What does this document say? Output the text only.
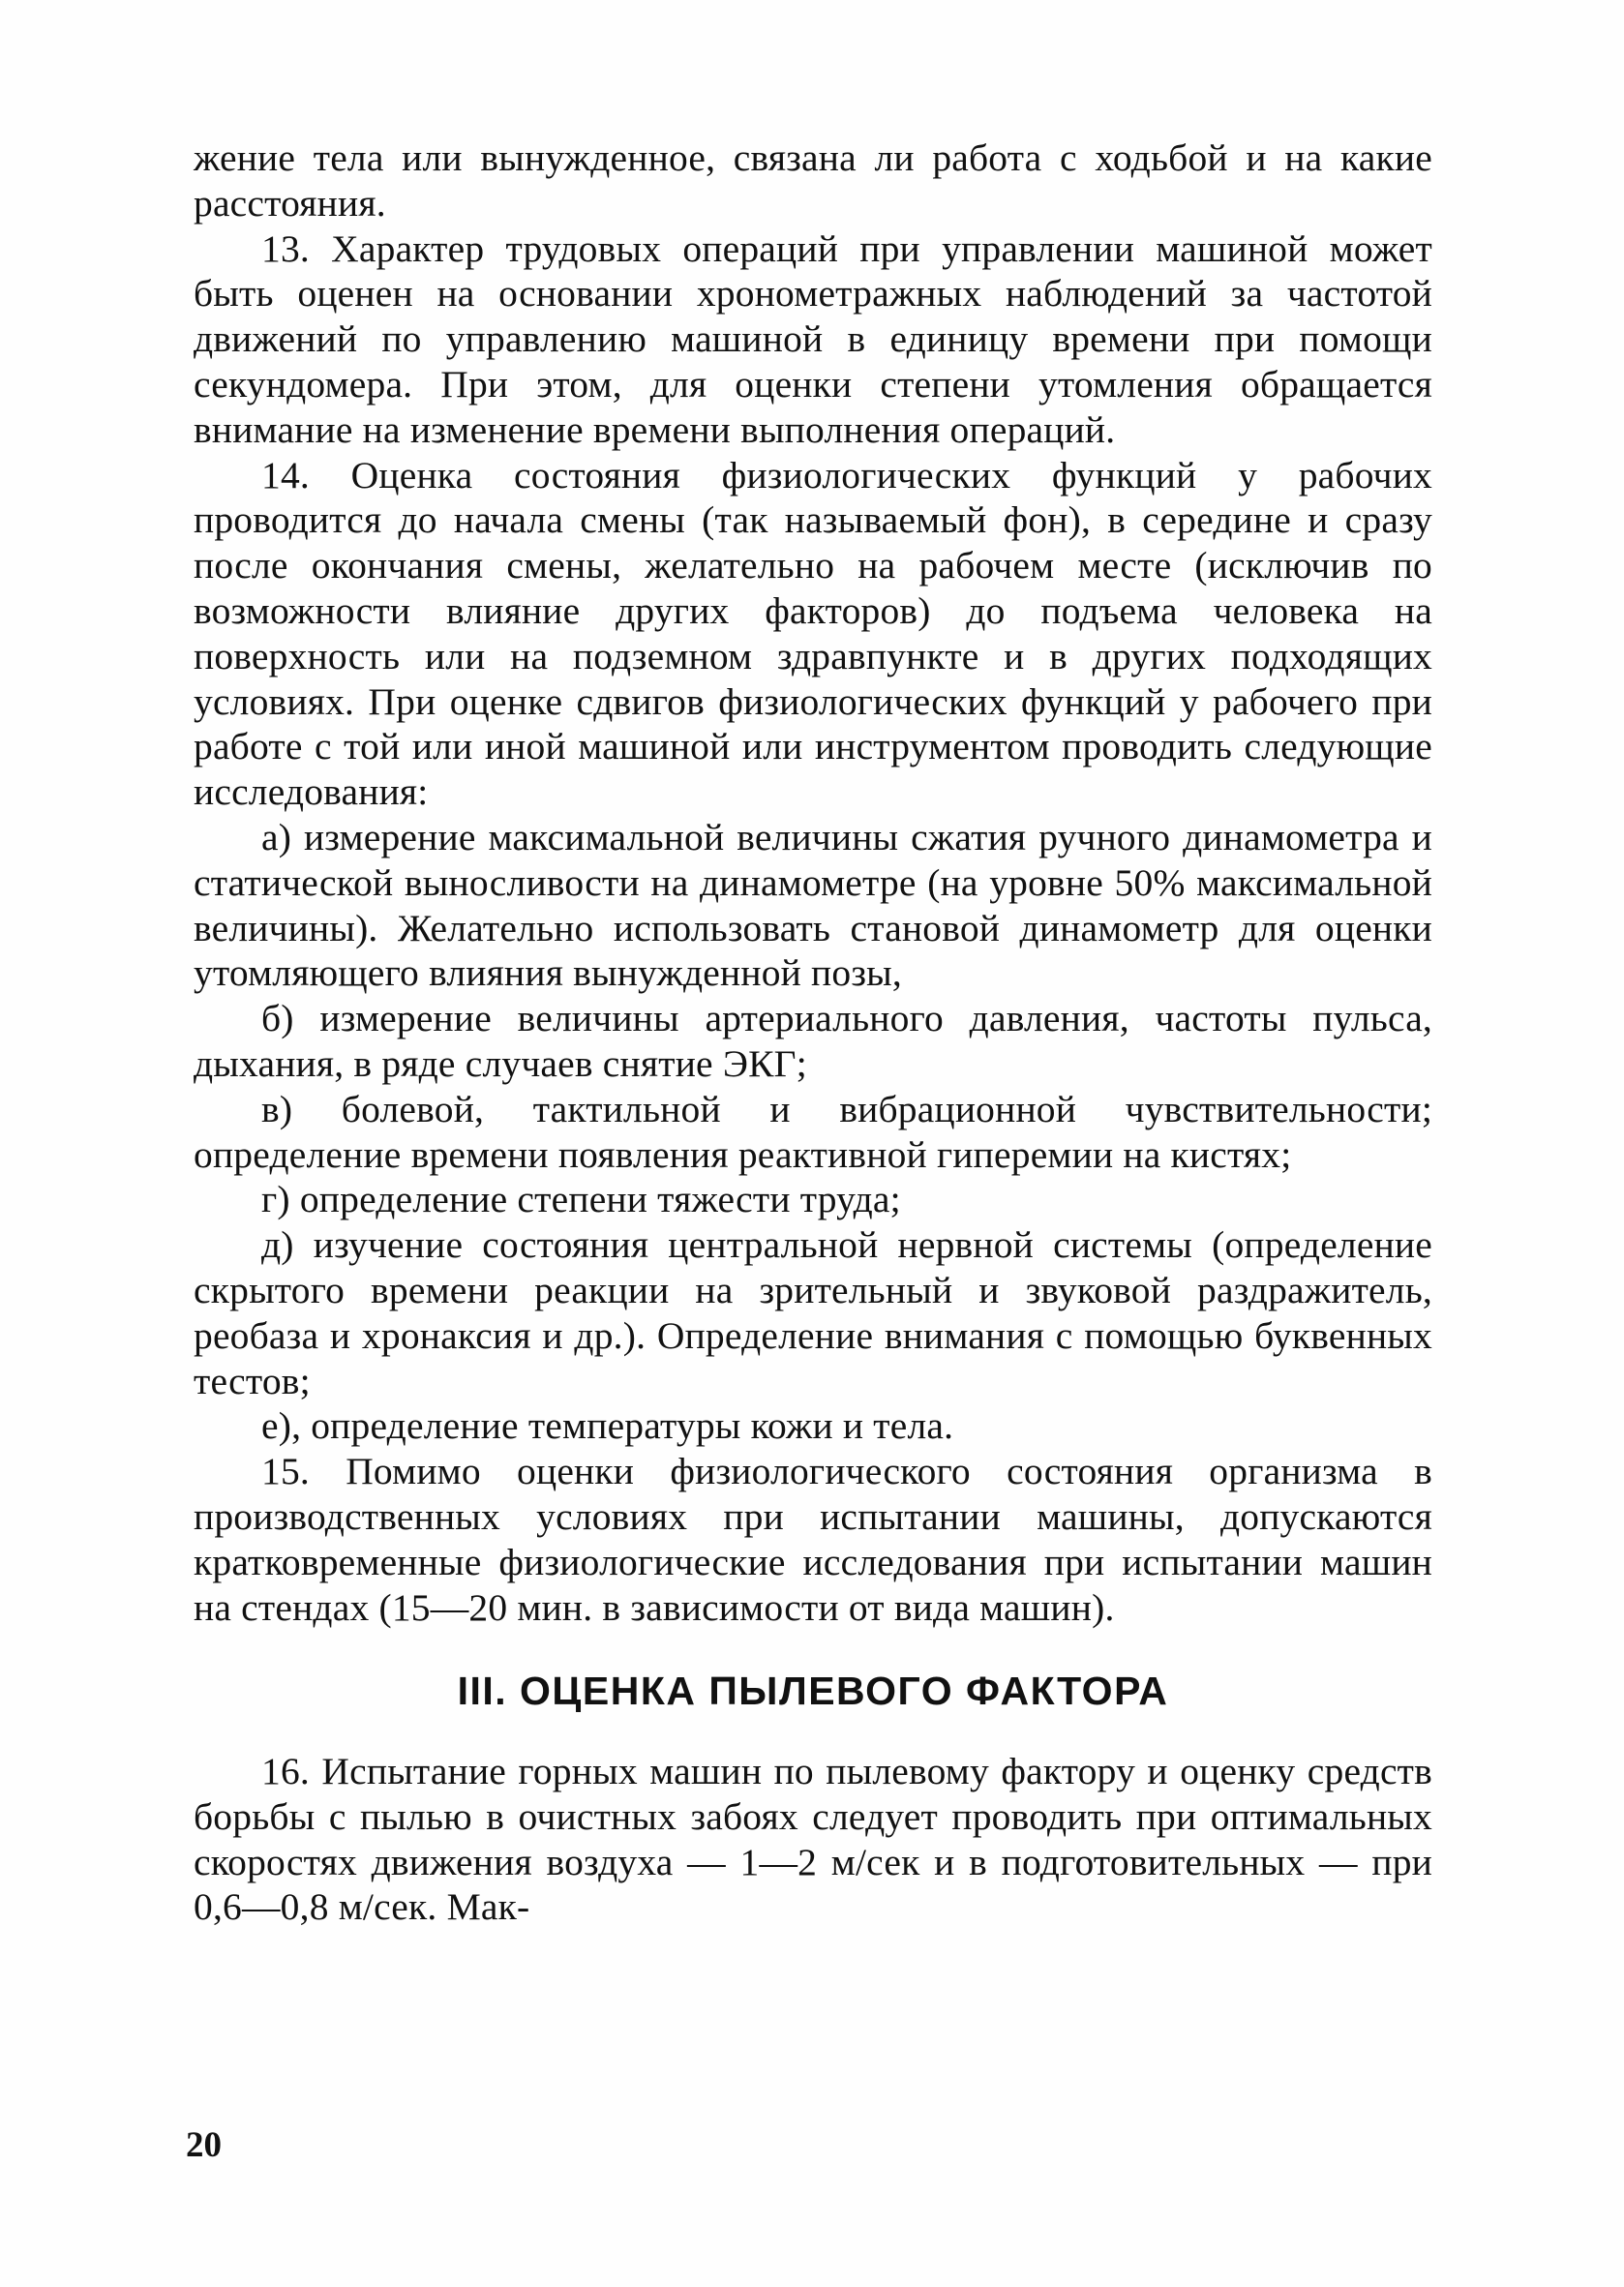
жение тела или вынужденное, связана ли работа с ходьбой и на какие расстояния.

13. Характер трудовых операций при управлении машиной может быть оценен на основании хронометражных наблюдений за частотой движений по управлению машиной в единицу времени при помощи секундомера. При этом, для оценки степени утомления обращается внимание на изменение времени выполнения операций.

14. Оценка состояния физиологических функций у рабочих проводится до начала смены (так называемый фон), в середине и сразу после окончания смены, желательно на рабочем месте (исключив по возможности влияние других факторов) до подъема человека на поверхность или на подземном здравпункте и в других подходящих условиях. При оценке сдвигов физиологических функций у рабочего при работе с той или иной машиной или инструментом проводить следующие исследования:

а) измерение максимальной величины сжатия ручного динамометра и статической выносливости на динамометре (на уровне 50% максимальной величины). Желательно использовать становой динамометр для оценки утомляющего влияния вынужденной позы,

б) измерение величины артериального давления, частоты пульса, дыхания, в ряде случаев снятие ЭКГ;

в) болевой, тактильной и вибрационной чувствительности; определение времени появления реактивной гиперемии на кистях;

г) определение степени тяжести труда;

д) изучение состояния центральной нервной системы (определение скрытого времени реакции на зрительный и звуковой раздражитель, реобаза и хронаксия и др.). Определение внимания с помощью буквенных тестов;

е), определение температуры кожи и тела.

15. Помимо оценки физиологического состояния организма в производственных условиях при испытании машины, допускаются кратковременные физиологические исследования при испытании машин на стендах (15—20 мин. в зависимости от вида машин).

III. ОЦЕНКА ПЫЛЕВОГО ФАКТОРА

16. Испытание горных машин по пылевому фактору и оценку средств борьбы с пылью в очистных забоях следует проводить при оптимальных скоростях движения воздуха — 1—2 м/сек и в подготовительных — при 0,6—0,8 м/сек. Мак-

20
